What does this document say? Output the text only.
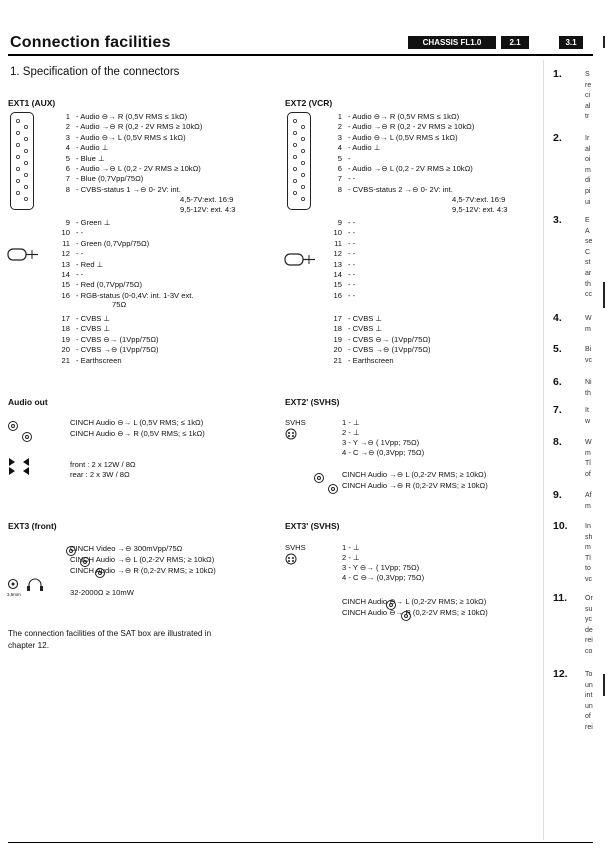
Connection facilities	CHASSIS FL1.0	2.1	3.1
1. Specification of the connectors
EXT1 (AUX)
1 - Audio ⊖→ R (0,5V RMS ≤ 1kΩ)
2 - Audio →⊖ R (0,2 - 2V RMS ≥ 10kΩ)
3 - Audio ⊖→ L (0,5V RMS ≤ 1kΩ)
4 - Audio ⊥
5 - Blue ⊥
6 - Audio →⊖ L (0,2 - 2V RMS ≥ 10kΩ)
7 - Blue (0,7Vpp/75Ω)
8 - CVBS-status 1 →⊖ 0- 2V: int.
4,5-7V:ext. 16:9
9,5-12V: ext. 4:3
9 - Green ⊥
10 - -
11 - Green (0,7Vpp/75Ω)
12 - -
13 - Red ⊥
14 - -
15 - Red (0,7Vpp/75Ω)
16 - RGB-status (0-0,4V: int. 1-3V ext.
75Ω
17 - CVBS ⊥
18 - CVBS ⊥
19 - CVBS ⊖→ (1Vpp/75Ω)
20 - CVBS →⊖ (1Vpp/75Ω)
21 - Earthscreen
EXT2 (VCR)
1 - Audio ⊖→ R (0,5V RMS ≤ 1kΩ)
2 - Audio →⊖ R (0,2 - 2V RMS ≥ 10kΩ)
3 - Audio ⊖→ L (0,5V RMS ≤ 1kΩ)
4 - Audio ⊥
5 -
6 - Audio →⊖ L (0,2 - 2V RMS ≥ 10kΩ)
7 - -
8 - CVBS-status 2 →⊖ 0- 2V: int.
4,5-7V:ext. 16:9
9,5-12V: ext. 4:3
9 - -
10 - -
11 - -
12 - -
13 - -
14 - -
15 - -
16 - -
17 - CVBS ⊥
18 - CVBS ⊥
19 - CVBS ⊖→ (1Vpp/75Ω)
20 - CVBS →⊖ (1Vpp/75Ω)
21 - Earthscreen
Audio out

CINCH Audio ⊖→ L (0,5V RMS; ≤ 1kΩ)
CINCH Audio ⊖→ R (0,5V RMS; ≤ 1kΩ)
front : 2 x 12W / 8Ω
rear : 2 x 3W / 8Ω
EXT2' (SVHS)
SVHS	1 - ⊥
2 - ⊥
3 - Y →⊖ ( 1Vpp; 75Ω)
4 - C →⊖ (0,3Vpp; 75Ω)

CINCH Audio →⊖ L (0,2-2V RMS; ≥ 10kΩ)
CINCH Audio →⊖ R (0,2-2V RMS; ≥ 10kΩ)
EXT3 (front)

CINCH Video →⊖ 300mVpp/75Ω
CINCH Audio →⊖ L (0,2-2V RMS; ≥ 10kΩ)
CINCH Audio →⊖ R (0,2-2V RMS; ≥ 10kΩ)
3,5mm	32-2000Ω ≥ 10mW
EXT3' (SVHS)
SVHS	1 - ⊥
2 - ⊥
3 - Y ⊖→ ( 1Vpp; 75Ω)
4 - C ⊖→ (0,3Vpp; 75Ω)

CINCH Audio ⊖→ L (0,2-2V RMS; ≥ 10kΩ)
CINCH Audio ⊖→ R (0,2-2V RMS; ≥ 10kΩ)
The connection facilities of the SAT box are illustrated in
chapter 12.
1.	S
re
ci
al
tr
2.	Ir
al
oi
m
di
pi
ui
3.	E
A
se
C
st
ar
th
cc
4.	W
m
5.	Bi
vc
6.	Ni
th
7.	It
w
8.	W
m
Tl
of
9.	Af
m
10. In
sh
m
Tl
to
vc
11.	Or
su
yc
de
rei
co
12. To
un
int
un
of
rei
